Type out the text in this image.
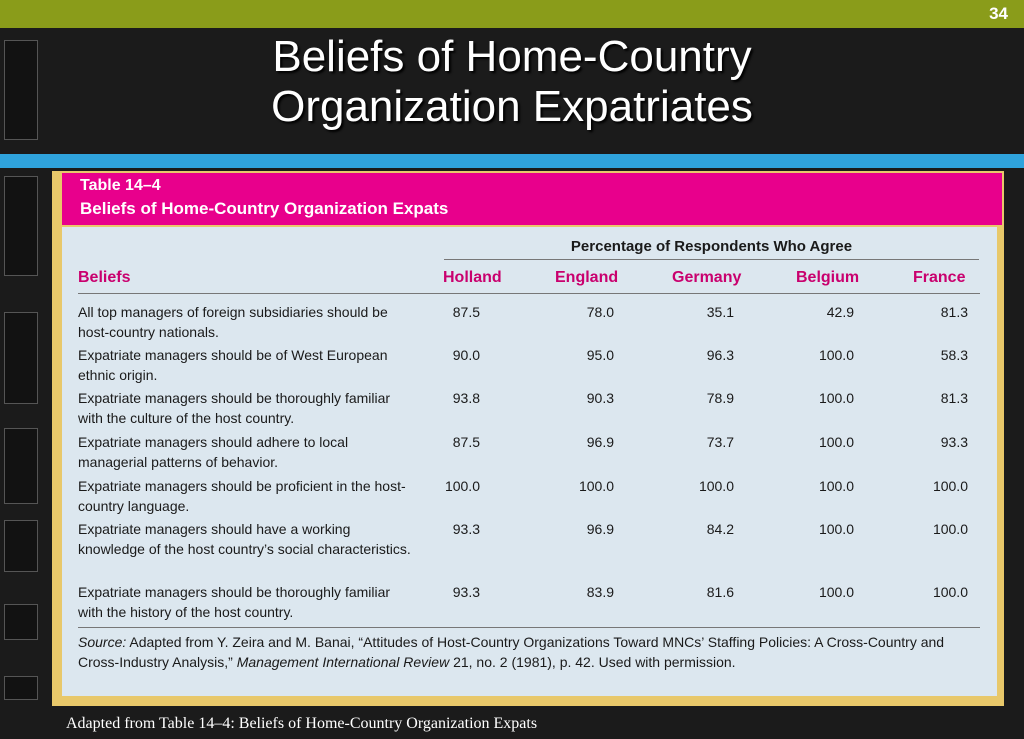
34
Beliefs of Home-Country
Organization Expatriates
Table 14–4
Beliefs of Home-Country Organization Expats
Percentage of Respondents Who Agree
Beliefs	Holland	England	Germany	Belgium	France
All top managers of foreign subsidiaries should be host-country nationals.
87.5	78.0	35.1	42.9	81.3
Expatriate managers should be of West European ethnic origin.
90.0	95.0	96.3	100.0	58.3
Expatriate managers should be thoroughly familiar with the culture of the host country.
93.8	90.3	78.9	100.0	81.3
Expatriate managers should adhere to local managerial patterns of behavior.
87.5	96.9	73.7	100.0	93.3
Expatriate managers should be proficient in the host-country language.
100.0	100.0	100.0	100.0	100.0
Expatriate managers should have a working knowledge of the host country’s social characteristics.
93.3	96.9	84.2	100.0	100.0
Expatriate managers should be thoroughly familiar with the history of the host country.
93.3	83.9	81.6	100.0	100.0
Source: Adapted from Y. Zeira and M. Banai, “Attitudes of Host-Country Organizations Toward MNCs’ Staffing Policies: A Cross-Country and Cross-Industry Analysis,” Management International Review 21, no. 2 (1981), p. 42. Used with permission.
Adapted from Table 14–4: Beliefs of Home-Country Organization Expats
